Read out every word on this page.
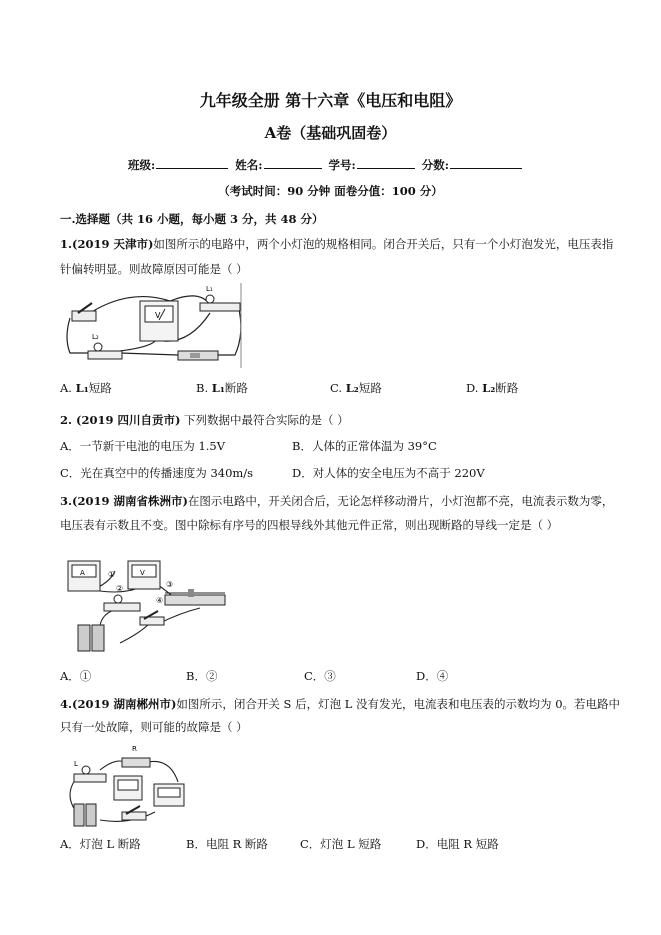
九年级全册 第十六章《电压和电阻》
A卷（基础巩固卷）
班级:	姓名:	学号:	分数:
（考试时间：90 分钟 面卷分值：100 分）
一.选择题（共 16 小题，每小题 3 分，共 48 分）
1.(2019 天津市)如图所示的电路中，两个小灯泡的规格相同。闭合开关后，只有一个小灯泡发光，电压表指
针偏转明显。则故障原因可能是（ ）
V
L₁
L₂
A. L₁短路	B. L₁断路	C. L₂短路	D. L₂断路
2. (2019 四川自贡市) 下列数据中最符合实际的是（ ）
A．一节新干电池的电压为 1.5V	B．人体的正常体温为 39°C
C．光在真空中的传播速度为 340m/s	D．对人体的安全电压为不高于 220V
3.(2019 湖南省株洲市)在图示电路中，开关闭合后，无论怎样移动滑片，小灯泡都不亮，电流表示数为零，
电压表有示数且不变。图中除标有序号的四根导线外其他元件正常，则出现断路的导线一定是（ ）
A	V
①
②	③
④
A．①	B．②	C．③	D．④
4.(2019 湖南郴州市)如图所示，闭合开关 S 后，灯泡 L 没有发光，电流表和电压表的示数均为 0。若电路中
只有一处故障，则可能的故障是（ ）
R
L
A．灯泡 L 断路	B．电阻 R 断路	C．灯泡 L 短路	D．电阻 R 短路
